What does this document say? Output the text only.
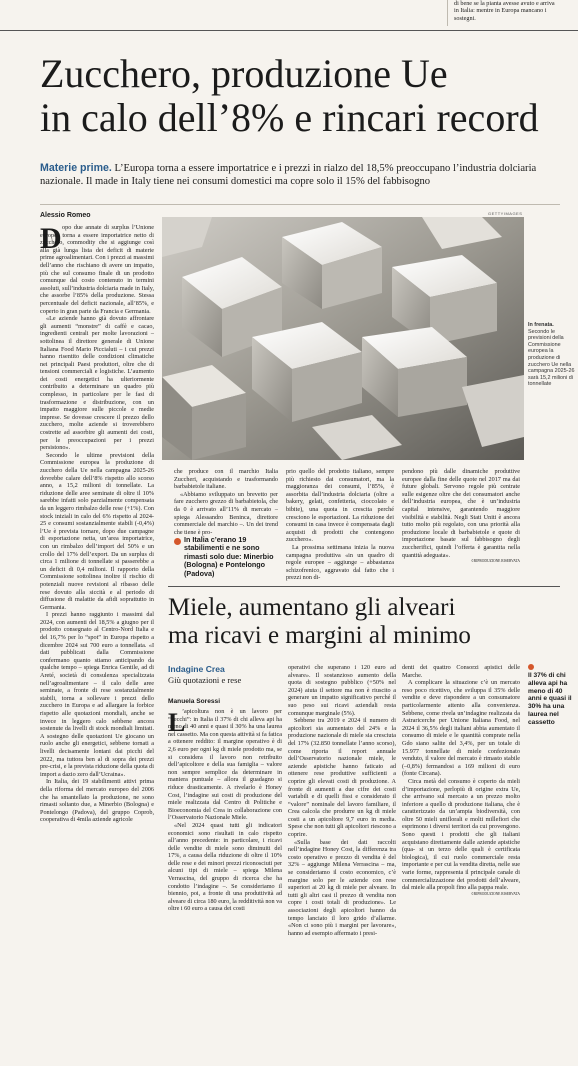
di bene se la pianta avesse avuto e arriva
in Italia: mentre in Europa mancano i
sostegni.
Zucchero, produzione Ue
in calo dell’8% e rincari record
Materie prime. L’Europa torna a essere importatrice e i prezzi in rialzo del 18,5% preoccupano l’industria dolciaria nazionale. Il made in Italy tiene nei consumi domestici ma copre solo il 15% del fabbisogno
Alessio Romeo	GETTYIMAGES
In frenata.
Secondo le previsioni della Commissione europea la produzione di zucchero Ue nella campagna 2025-26 sarà 15,2 milioni di tonnellate
D opo due annate di surplus l’Unione europea torna a essere importatrice netto di zucchero, commodity che si aggiunge così alla già lunga lista dei deficit di materie prime agroalimentari. Con i prezzi ai massimi dell’anno che rischiano di avere un impatto, più che sul consumo finale di un prodotto comunque dal costo contenuto in termini assoluti, sull’industria dolciaria made in Italy, che assorbe l’85% della produzione. Stessa percentuale del deficit nazionale, all’85%, e coperto in gran parte da Francia e Germania.

«Le aziende hanno già dovuto affrontare gli aumenti “monstre” di caffè e cacao, ingredienti centrali per molte lavorazioni – sottolinea il direttore generale di Unione Italiana Food Mario Piccialuti – i cui prezzi hanno risentito delle condizioni climatiche nei principali Paesi produttori, oltre che di tensioni commerciali e logistiche. L’aumento dei costi energetici ha ulteriormente contribuito a determinare un quadro più complesso, in particolare per le fasi di trasformazione e distribuzione, con un impatto maggiore sulle piccole e medie imprese. Se dovesse crescere il prezzo dello zucchero, molte aziende si troverebbero costrette ad assorbire gli aumenti dei costi, per le preoccupazioni per i prezzi persistono».

Secondo le ultime previsioni della Commissione europea la produzione di zucchero della Ue nella campagna 2025-26 dovrebbe calare dell’8% rispetto allo scorso anno, a 15,2 milioni di tonnellate. La riduzione delle aree seminate di oltre il 10% sarebbe infatti solo parzialmente compensata da un leggero rimbalzo delle rese (+1%). Con stock iniziali in calo del 6% rispetto al 2024-25 e consumi sostanzialmente stabili (-0,4%) l’Ue è prevista tornare, dopo due campagne di esportazione netta, un’area importatrice, con un rimbalzo dell’import del 50% e un crollo del 17% dell’export. Da un surplus di circa 1 milione di tonnellate si passerebbe a un deficit di 0,4 milioni. Il rapporto della Commissione sottolinea inoltre il rischio di potenziali nuove revisioni al ribasso delle rese dovuto alla siccità e al periodo di diffusione di malattie da afidi soprattutto in Germania.

I prezzi hanno raggiunto i massimi dal 2024, con aumenti del 18,5% a giugno per il prodotto consegnato al Centro-Nord Italia e del 16,7% per lo “spot” in Europa rispetto a dicembre 2024 sui 700 euro a tonnellata. «I dati pubblicati dalla Commissione confermano quanto stiamo anticipando da qualche tempo – spiega Enrica Gentile, ad di Areté, società di consulenza specializzata nell’agroalimentare – il calo delle aree seminate, a fronte di rese sostanzialmente stabili, torna a sollevare i prezzi dello zucchero in Europa e ad allargare la forbice rispetto alle quotazioni mondiali, anche se invece in leggero calo sebbene ancora sostenute da livelli di stock mondiali limitati. A sostegno delle quotazioni Ue giocano un ruolo anche gli energetici, sebbene tornati a livelli decisamente lontani dai picchi del 2022, ma tuttora ben al di sopra dei prezzi pre-crisi, e la prevista riduzione della quota di import a dazio zero dall’Ucraina».

In Italia, dei 19 stabilimenti attivi prima della riforma del mercato europeo del 2006 che ha smantellato la produzione, ne sono rimasti soltanto due, a Minerbio (Bologna) e Pontelongo (Padova), del gruppo Coprob, cooperativa di 4mila aziende agricole

che produce con il marchio Italia Zuccheri, acquistando e trasformando barbabietole italiane.

«Abbiamo sviluppato un brevetto per fare zucchero grezzo di barbabietola, che da 0 è arrivato all’11% di mercato – spiega Alessandro Beninca, direttore commerciale del marchio –. Un dei trend che tiene è pro-

In Italia c’erano 19 stabilimenti e ne sono rimasti solo due: Minerbio (Bologna) e Pontelongo (Padova)

prio quello del prodotto italiano, sempre più richiesto dai consumatori, ma la maggioranza dei consumi, l’85%, è assorbita dall’industria dolciaria (oltre a bakery, gelati, confetteria, cioccolato e bibite), una quota in crescita perché cresciono le esportazioni. La riduzione dei consumi in casa invece è compensata dagli acquisti di prodotti che contengono zucchero».

La prossima settimana inizia la nuova campagna produttiva «in un quadro di regole europee – aggiunge – abbastanza schizofrenico, aggravato dal fatto che i prezzi non di-

pendono più dalle dinamiche produttive europee dalla fine delle quote nel 2017 ma dai future globali. Servono regole più centrate sulle esigenze oltre che dei consumatori anche dell’industria europea, che è un’industria capital intensive, garantendo maggiore visibilità e stabilità. Negli Stati Uniti è ancora tutto molto più regolato, con una priorità alla produzione locale di barbabietole e quote di importazione basate sul fabbisogno degli zuccherifici, quindi l’offerta è garantita nella quantità adeguata».

©RIPRODUZIONE RISERVATA

Miele, aumentano gli alveari
ma ricavi e margini al minimo
Indagine Crea
Giù quotazioni e rese
Manuela Soressi
L

’apicoltura non è un lavoro per “vecchi”: in Italia il 37% di chi alleva api ha meno di 40 anni e quasi il 30% ha una laurea nel cassetto. Ma con questa attività si fa fatica a ottenere reddito: il margine operativo è di 2,6 euro per ogni kg di miele prodotto ma, se si considera il lavoro non retribuito dell’apicoltore e della sua famiglia – valore non sempre semplice da determinare in maniera puntuale – allora il guadagno si riduce drasticamente. A rivelarlo è Honey Cost, l’indagine sui costi di produzione del miele realizzata dal Centro di Politiche e Bioeconomia del Crea in collaborazione con l’Osservatorio Nazionale Miele.

«Nel 2024 quasi tutti gli indicatori economici sono risultati in calo rispetto all’anno precedente: in particolare, i ricavi delle vendite di miele sono diminuiti del 17%, a causa della riduzione di oltre il 10% delle rese e dei minori prezzi riconosciuti per alcuni tipi di miele – spiega Milena Verrascina, del gruppo di ricerca che ha condotto l’indagine –. Se consideriamo il biennio, poi, a fronte di una produttività ad alveare di circa 180 euro, la redditività non va oltre i 60 euro a causa dei costi

operativi che superano i 120 euro ad alveare». Il sostanzioso aumento della quota di sostegno pubblico (+50% nel 2024) aiuta il settore ma non è riuscito a generare un impatto significativo perché il suo peso sui ricavi aziendali resta comunque marginale (5%).

Sebbene tra 2019 e 2024 il numero di apicoltori sia aumentato del 24% e la produzione nazionale di miele sia cresciuta del 17% (32.850 tonnellate l’anno scorso), come riporta il report annuale dell’Osservatorio nazionale miele, le aziende apistiche hanno faticato ad ottenere rese produttive sufficienti a coprire gli elevati costi di produzione. A fronte di aumenti a due cifre dei costi variabili e di quelli fissi e considerato il “valore” nominale del lavoro familiare, il Crea calcola che produrre un kg di miele costi a un apicoltore 9,7 euro in media. Spese che non tutti gli apicoltori riescono a coprire.

«Sulla base dei dati raccolti nell’indagine Honey Cost, la differenza tra costo operativo e prezzo di vendita è del 32% – aggiunge Milena Verrascina – ma, se consideriamo il costo economico, c’è margine solo per le aziende con rese superiori ai 20 kg di miele per alveare. In tutti gli altri casi il prezzo di vendita non copre i costi totali di produzione». Le associazioni degli apicoltori hanno da tempo lanciato il loro grido d’allarme. «Non ci sono più i margini per lavorare», hanno ad esempio affermato i presi-

denti dei quattro Consorzi apistici delle Marche.

A complicare la situazione c’è un mercato reso poco ricettivo, che sviluppa il 35% delle vendite e deve rispondere a un consumatore particolarmente attento alla convenienza. Sebbene, come rivela un’indagine realizzata da Astraricerche per Unione Italiana Food, nel 2024 il 36,5% degli italiani abbia aumentato il consumo di miele e le quantità comprate nella Gdo siano salite del 3,4%, per un totale di 15.977 tonnellate di miele confezionato venduto, il valore del mercato è rimasto stabile (–0,8%) fermandosi a 169 milioni di euro (fonte Circana).

Circa metà del consumo è coperto da mieli d’importazione, perlopiù di origine extra Ue, che arrivano sul mercato a un prezzo molto inferiore a quello di produzione italiana, che è caratterizzato da un’ampia biodiversità, con oltre 50 mieli uniflorali e molti millefiori che esprimono i diversi territori da cui provengono. Sono questi i prodotti che gli italiani acquistano direttamente dalle aziende apistiche (qua- si un terzo delle quali è certificata biologica), il cui ruolo commerciale resta importante e per cui la vendita diretta, nelle sue varie forme, rappresenta il principale canale di commercializzazione dei prodotti dell’alveare, dal miele alla propoli fino alla pappa reale.

©RIPRODUZIONE RISERVATA

Il 37% di chi alleva api ha meno di 40 anni e quasi il 30% ha una laurea nel cassetto
